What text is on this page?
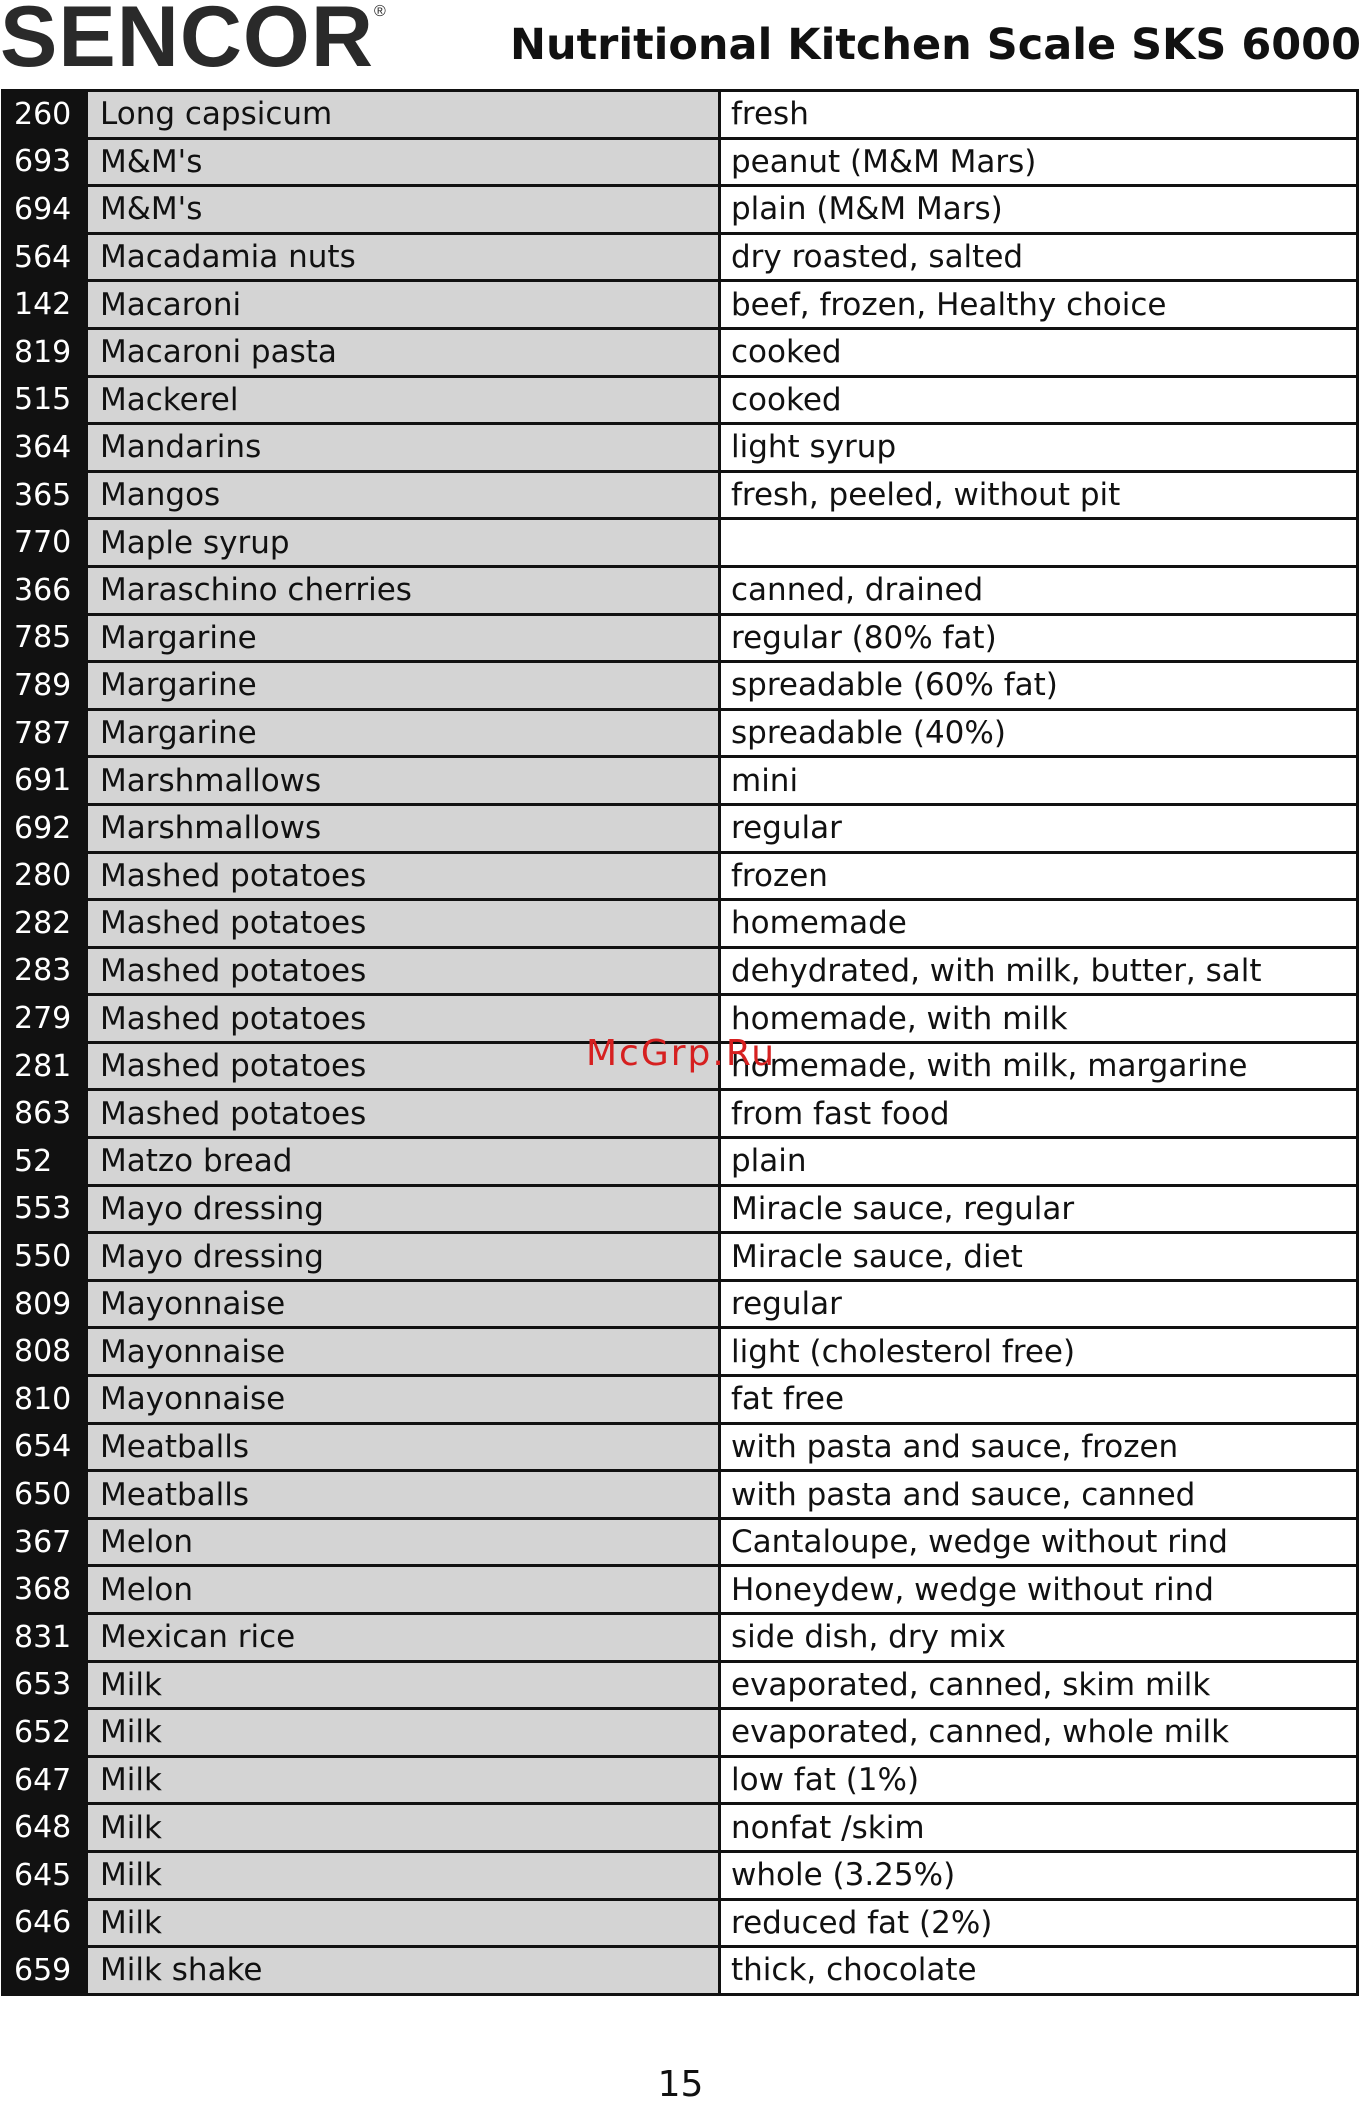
SENCOR®
Nutritional Kitchen Scale SKS 6000
260 Long capsicum	fresh
693 M&M's	peanut (M&M Mars)
694 M&M's	plain (M&M Mars)
564 Macadamia nuts	dry roasted, salted
142 Macaroni	beef, frozen, Healthy choice
819 Macaroni pasta	cooked
515 Mackerel	cooked
364 Mandarins	light syrup
365 Mangos	fresh, peeled, without pit
770 Maple syrup
366 Maraschino cherries	canned, drained
785 Margarine	regular (80% fat)
789 Margarine	spreadable (60% fat)
787 Margarine	spreadable (40%)
691 Marshmallows	mini
692 Marshmallows	regular
280 Mashed potatoes	frozen
282 Mashed potatoes	homemade
283 Mashed potatoes	dehydrated, with milk, butter, salt
279 Mashed potatoes	homemade, with milk
281 Mashed potatoes	homemade, with milk, margarine
863 Mashed potatoes	from fast food
52	Matzo bread	plain
553 Mayo dressing	Miracle sauce, regular
550 Mayo dressing	Miracle sauce, diet
809 Mayonnaise	regular
808 Mayonnaise	light (cholesterol free)
810 Mayonnaise	fat free
654 Meatballs	with pasta and sauce, frozen
650 Meatballs	with pasta and sauce, canned
367 Melon	Cantaloupe, wedge without rind
368 Melon	Honeydew, wedge without rind
831 Mexican rice	side dish, dry mix
653 Milk	evaporated, canned, skim milk
652 Milk	evaporated, canned, whole milk
647 Milk	low fat (1%)
648 Milk	nonfat /skim
645 Milk	whole (3.25%)
646 Milk	reduced fat (2%)
659 Milk shake	thick, chocolate
McGrp.Ru
15
